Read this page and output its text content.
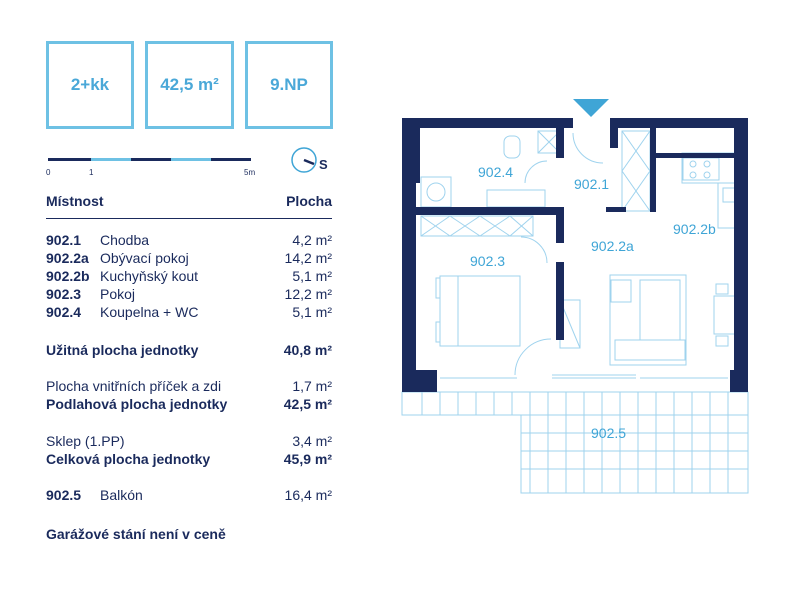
2+kk	42,5 m²	9.NP
0	1	5m
S
Místnost	Plocha
902.1 Chodba	4,2 m²
902.2a Obývací pokoj	14,2 m²
902.2b Kuchyňský kout	5,1 m²
902.3 Pokoj	12,2 m²
902.4 Koupelna + WC	5,1 m²
Užitná plocha jednotky	40,8 m²
Plocha vnitřních příček a zdi	1,7 m²
Podlahová plocha jednotky	42,5 m²
Sklep (1.PP)	3,4 m²
Celková plocha jednotky	45,9 m²
902.5 Balkón	16,4 m²
Garážové stání není v ceně
902.4
902.1
902.2b
902.2a
902.3
902.5
